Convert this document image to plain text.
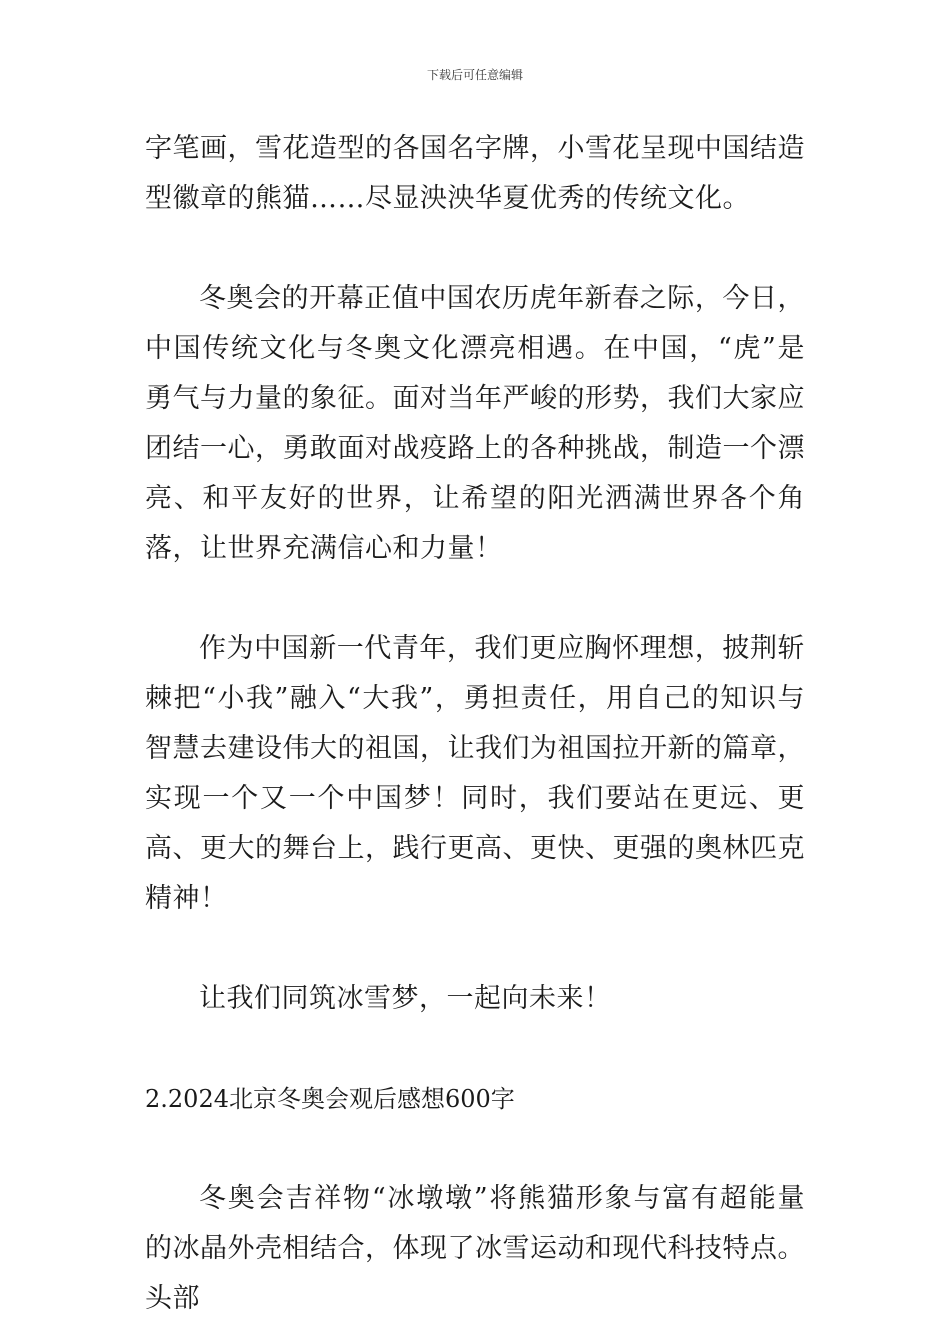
下载后可任意编辑

字笔画，雪花造型的各国名字牌，小雪花呈现中国结造型徽章的熊猫……尽显泱泱华夏优秀的传统文化。

冬奥会的开幕正值中国农历虎年新春之际，今日，中国传统文化与冬奥文化漂亮相遇。在中国，“虎”是勇气与力量的象征。面对当年严峻的形势，我们大家应团结一心，勇敢面对战疫路上的各种挑战，制造一个漂亮、和平友好的世界，让希望的阳光洒满世界各个角落，让世界充满信心和力量！

作为中国新一代青年，我们更应胸怀理想，披荆斩棘把“小我”融入“大我”，勇担责任，用自己的知识与智慧去建设伟大的祖国，让我们为祖国拉开新的篇章，实现一个又一个中国梦！同时，我们要站在更远、更高、更大的舞台上，践行更高、更快、更强的奥林匹克精神！

让我们同筑冰雪梦，一起向未来！

2.2024北京冬奥会观后感想600字

冬奥会吉祥物“冰墩墩”将熊猫形象与富有超能量的冰晶外壳相结合，体现了冰雪运动和现代科技特点。头部
